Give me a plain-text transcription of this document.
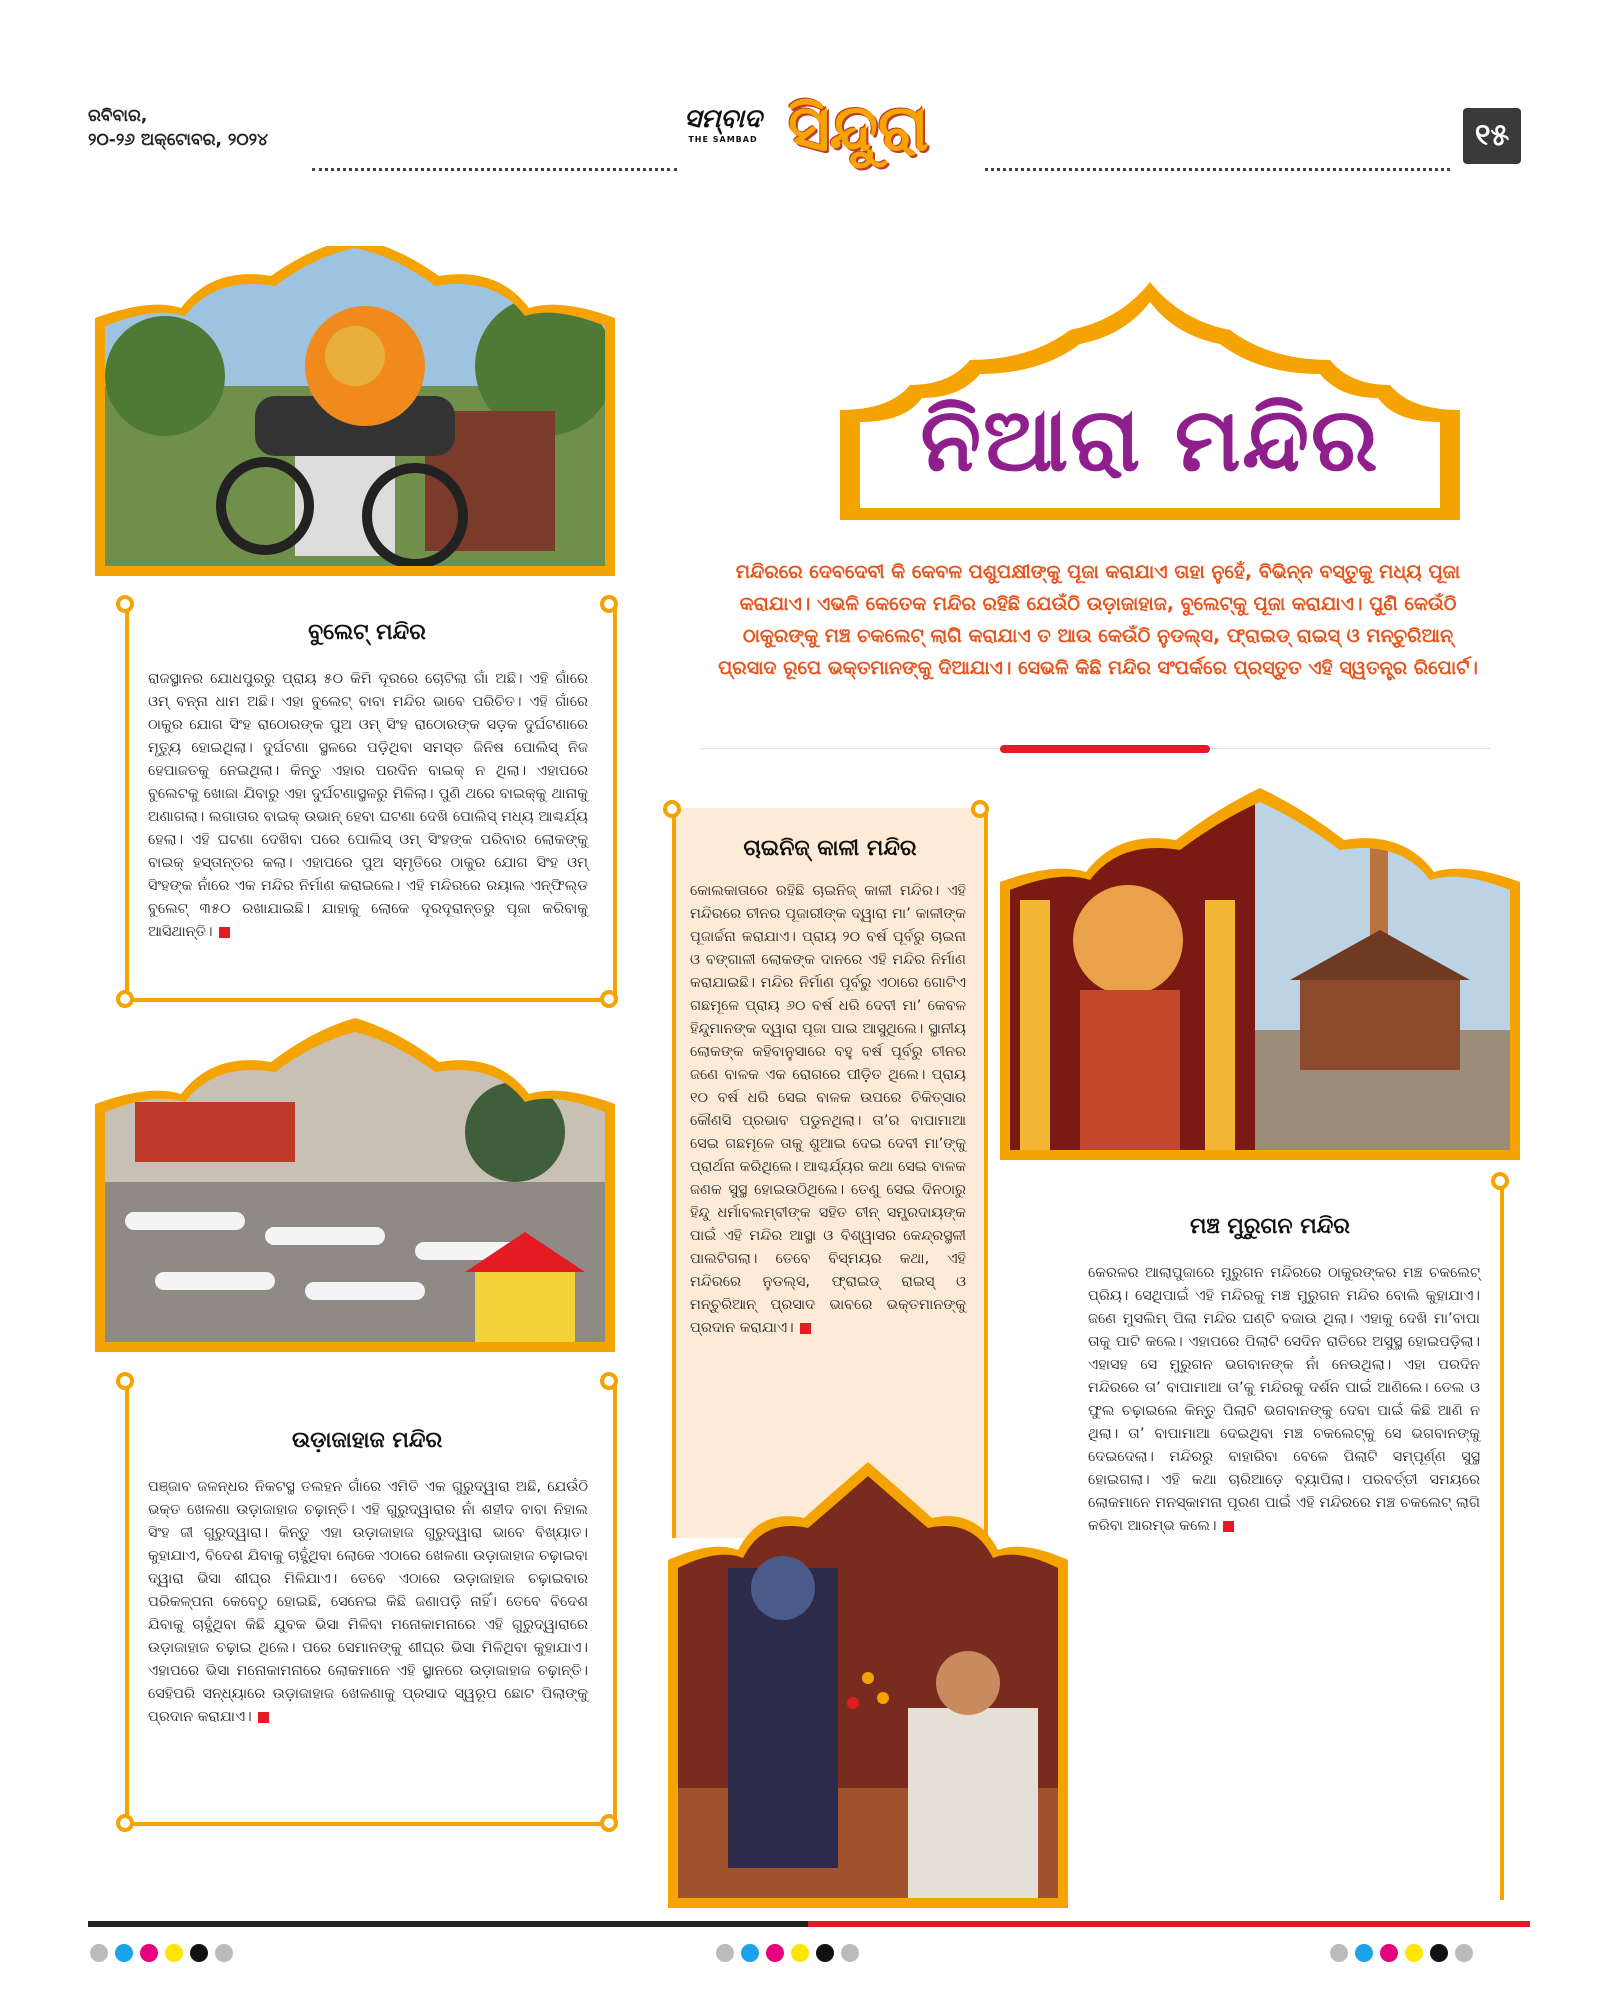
ରବିବାର,
୨୦-୨୬ ଅକ୍ଟୋବର, ୨୦୨୪
ସମ୍ବାଦ
THE SAMBAD ସିନ୍ଦୁରା	୧୫
ନିଆରା ମନ୍ଦିର
ମନ୍ଦିରରେ ଦେବଦେବୀ କି କେବଳ ପଶୁପକ୍ଷୀଙ୍କୁ ପୂଜା କରାଯାଏ ତାହା ନୁହେଁ, ବିଭିନ୍ନ ବସ୍ତୁକୁ ମଧ୍ୟ ପୂଜା କରାଯାଏ। ଏଭଳି କେତେକ ମନ୍ଦିର ରହିଛି ଯେଉଁଠି ଉଡ଼ାଜାହାଜ, ବୁଲେଟ୍‌କୁ ପୂଜା କରାଯାଏ। ପୁଣି କେଉଁଠି ଠାକୁରଙ୍କୁ ମଞ୍ଚ ଚକଲେଟ୍ ଲାଗି କରାଯାଏ ତ ଆଉ କେଉଁଠି ନୁଡଲ୍ସ, ଫ୍ରାଇଡ୍ ରାଇସ୍ ଓ ମନ୍‌ଚୁରିଆନ୍ ପ୍ରସାଦ ରୂପେ ଭକ୍ତମାନଙ୍କୁ ଦିଆଯାଏ। ସେଭଳି କିଛି ମନ୍ଦିର ସଂପର୍କରେ ପ୍ରସ୍ତୁତ ଏହି ସ୍ୱତନ୍ତ୍ର ରିପୋର୍ଟ।
ବୁଲେଟ୍ ମନ୍ଦିର
ରାଜସ୍ଥାନର ଯୋଧପୁରରୁ ପ୍ରାୟ ୫୦ କିମି ଦୂରରେ ଚୋଟିଲା ଗାଁ ଅଛି। ଏହି ଗାଁରେ ଓମ୍ ବନ୍ନା ଧାମ ଅଛି। ଏହା ବୁଲେଟ୍ ବାବା ମନ୍ଦିର ଭାବେ ପରିଚିତ। ଏହି ଗାଁରେ ଠାକୁର ଯୋଗ ସିଂହ ରାଠୋରଙ୍କ ପୁଅ ଓମ୍ ସିଂହ ରାଠୋରଙ୍କ ସଡ଼କ ଦୁର୍ଘଟଣାରେ ମୃତ୍ୟୁ ହୋଇଥିଲା। ଦୁର୍ଘଟଣା ସ୍ଥଳରେ ପଡ଼ିଥିବା ସମସ୍ତ ଜିନିଷ ପୋଲିସ୍ ନିଜ ହେପାଜତକୁ ନେଇଥିଲା। କିନ୍ତୁ ଏହାର ପରଦିନ ବାଇକ୍ ନ ଥିଲା। ଏହାପରେ ବୁଲେଟକୁ ଖୋଜା ଯିବାରୁ ଏହା ଦୁର୍ଘଟଣାସ୍ଥଳରୁ ମିଳିଲା। ପୁଣି ଥରେ ବାଇକ୍‌କୁ ଥାନାକୁ ଅଣାଗଲା। ଲଗାତାର ବାଇକ୍ ଉଭାନ୍ ହେବା ଘଟଣା ଦେଖି ପୋଲିସ୍ ମଧ୍ୟ ଆଶ୍ଚର୍ଯ୍ୟ ହେଲା। ଏହି ଘଟଣା ଦେଖିବା ପରେ ପୋଲିସ୍ ଓମ୍ ସିଂହଙ୍କ ପରିବାର ଲୋକଙ୍କୁ ବାଇକ୍ ହସ୍ତାନ୍ତର କଲା। ଏହାପରେ ପୁଅ ସ୍ମୃତିରେ ଠାକୁର ଯୋଗ ସିଂହ ଓମ୍ ସିଂହଙ୍କ ନାଁରେ ଏକ ମନ୍ଦିର ନିର୍ମାଣ କରାଇଲେ। ଏହି ମନ୍ଦିରରେ ରୟାଲ ଏନ୍‌ଫିଲ୍ଡ ବୁଲେଟ୍ ୩୫୦ ରଖାଯାଇଛି। ଯାହାକୁ ଲୋକେ ଦୂରଦୂରାନ୍ତରୁ ପୂଜା କରିବାକୁ ଆସିଥାନ୍ତି।
ଉଡ଼ାଜାହାଜ ମନ୍ଦିର
ପଞ୍ଜାବ ଜଳନ୍ଧର ନିକଟସ୍ଥ ତଲହନ ଗାଁରେ ଏମିତି ଏକ ଗୁରୁଦ୍ୱାରା ଅଛି, ଯେଉଁଠି ଭକ୍ତ ଖେଳଣା ଉଡ଼ାଜାହାଜ ଚଢ଼ାନ୍ତି। ଏହି ଗୁରୁଦ୍ୱାରାର ନାଁ ଶହୀଦ ବାବା ନିହାଲ ସିଂହ ଜୀ ଗୁରୁଦ୍ୱାରା। କିନ୍ତୁ ଏହା ଉଡ଼ାଜାହାଜ ଗୁରୁଦ୍ୱାରା ଭାବେ ବିଖ୍ୟାତ। କୁହାଯାଏ, ବିଦେଶ ଯିବାକୁ ଚାହୁଁଥିବା ଲୋକେ ଏଠାରେ ଖେଳଣା ଉଡ଼ାଜାହାଜ ଚଢ଼ାଇବା ଦ୍ୱାରା ଭିସା ଶୀଘ୍ର ମିଳିଯାଏ। ତେବେ ଏଠାରେ ଉଡ଼ାଜାହାଜ ଚଢ଼ାଇବାର ପରିକଳ୍ପନା କେବେଠୁ ହୋଇଛି, ସେନେଇ କିଛି ଜଣାପଡ଼ି ନାହିଁ। ତେବେ ବିଦେଶ ଯିବାକୁ ଚାହୁଁଥିବା କିଛି ଯୁବକ ଭିସା ମିଳିବା ମନୋକାମନାରେ ଏହି ଗୁରୁଦ୍ୱାରାରେ ଉଡ଼ାଜାହାଜ ଚଢ଼ାଇ ଥିଲେ। ପରେ ସେମାନଙ୍କୁ ଶୀଘ୍ର ଭିସା ମିଳିଥିବା କୁହାଯାଏ। ଏହାପରେ ଭିସା ମନୋକାମନାରେ ଲୋକମାନେ ଏହି ସ୍ଥାନରେ ଉଡ଼ାଜାହାଜ ଚଢ଼ାନ୍ତି। ସେହିପରି ସନ୍ଧ୍ୟାରେ ଉଡ଼ାଜାହାଜ ଖେଳଣାକୁ ପ୍ରସାଦ ସ୍ୱରୂପ ଛୋଟ ପିଲାଙ୍କୁ ପ୍ରଦାନ କରାଯାଏ।
ଚାଇନିଜ୍ କାଳୀ ମନ୍ଦିର
କୋଲକାତାରେ ରହିଛି ଚାଇନିଜ୍ କାଳୀ ମନ୍ଦିର। ଏହି ମନ୍ଦିରରେ ଚୀନର ପୂଜାରୀଙ୍କ ଦ୍ୱାରା ମା’ କାଳୀଙ୍କ ପୂଜାର୍ଚ୍ଚନା କରାଯାଏ। ପ୍ରାୟ ୨୦ ବର୍ଷ ପୂର୍ବରୁ ଚାଇନା ଓ ବଙ୍ଗାଳୀ ଲୋକଙ୍କ ଦାନରେ ଏହି ମନ୍ଦିର ନିର୍ମାଣ କରାଯାଇଛି। ମନ୍ଦିର ନିର୍ମାଣ ପୂର୍ବରୁ ଏଠାରେ ଗୋଟିଏ ଗଛମୂଳେ ପ୍ରାୟ ୬୦ ବର୍ଷ ଧରି ଦେବୀ ମା’ କେବଳ ହିନ୍ଦୁମାନଙ୍କ ଦ୍ୱାରା ପୂଜା ପାଇ ଆସୁଥିଲେ। ସ୍ଥାନୀୟ ଲୋକଙ୍କ କହିବାନୁସାରେ ବହୁ ବର୍ଷ ପୂର୍ବରୁ ଚୀନର ଜଣେ ବାଳକ ଏକ ରୋଗରେ ପୀଡ଼ିତ ଥିଲେ। ପ୍ରାୟ ୧୦ ବର୍ଷ ଧରି ସେଇ ବାଳକ ଉପରେ ଚିକିତ୍ସାର କୌଣସି ପ୍ରଭାବ ପଡୁନଥିଲା। ତା’ର ବାପାମାଆ ସେଇ ଗଛମୂଳେ ତାକୁ ଶୁଆଇ ଦେଇ ଦେବୀ ମା’ଙ୍କୁ ପ୍ରାର୍ଥନା କରିଥିଲେ। ଆଶ୍ଚର୍ଯ୍ୟର କଥା ସେଇ ବାଳକ ଜଣକ ସୁସ୍ଥ ହୋଇଉଠିଥିଲେ। ତେଣୁ ସେଇ ଦିନଠାରୁ ହିନ୍ଦୁ ଧର୍ମାବଲମ୍ବୀଙ୍କ ସହିତ ଚୀନ୍ ସମ୍ପ୍ରଦାୟଙ୍କ ପାଇଁ ଏହି ମନ୍ଦିର ଆସ୍ଥା ଓ ବିଶ୍ୱାସର କେନ୍ଦ୍ରସ୍ଥଳୀ ପାଲଟିଗଲା। ତେବେ ବିସ୍ମୟର କଥା, ଏହି ମନ୍ଦିରରେ ନୁଡଲ୍ସ, ଫ୍ରାଇଡ୍ ରାଇସ୍ ଓ ମନ୍‌ଚୁରିଆନ୍ ପ୍ରସାଦ ଭାବରେ ଭକ୍ତମାନଙ୍କୁ ପ୍ରଦାନ କରାଯାଏ।
ମଞ୍ଚ ମୁରୁଗନ ମନ୍ଦିର
କେରଳର ଆଲାପୁଜାରେ ମୁରୁଗନ ମନ୍ଦିରରେ ଠାକୁରଙ୍କର ମଞ୍ଚ ଚକଲେଟ୍ ପ୍ରିୟ। ସେଥିପାଇଁ ଏହି ମନ୍ଦିରକୁ ମଞ୍ଚ ମୁରୁଗନ ମନ୍ଦିର ବୋଲି କୁହାଯାଏ। ଜଣେ ମୁସଲିମ୍ ପିଲା ମନ୍ଦିର ଘଣ୍ଟି ବଜାଉ ଥିଲା। ଏହାକୁ ଦେଖି ମା’ବାପା ତାକୁ ପାଟି କଲେ। ଏହାପରେ ପିଲାଟି ସେଦିନ ରାତିରେ ଅସୁସ୍ଥ ହୋଇପଡ଼ିଲା। ଏହାସହ ସେ ମୁରୁଗନ ଭଗବାନଙ୍କ ନାଁ ନେଉଥିଲା। ଏହା ପରଦିନ ମନ୍ଦିରରେ ତା’ ବାପାମାଆ ତା’କୁ ମନ୍ଦିରକୁ ଦର୍ଶନ ପାଇଁ ଆଣିଲେ। ତେଲ ଓ ଫୁଲ ଚଢ଼ାଇଲେ କିନ୍ତୁ ପିଲାଟି ଭଗବାନଙ୍କୁ ଦେବା ପାଇଁ କିଛି ଆଣି ନ ଥିଲା। ତା’ ବାପାମାଆ ଦେଇଥିବା ମଞ୍ଚ ଚକଲେଟ୍‌କୁ ସେ ଭଗବାନଙ୍କୁ ଦେଇଦେଲା। ମନ୍ଦିରରୁ ବାହାରିବା ବେଳେ ପିଲାଟି ସମ୍ପୂର୍ଣ୍ଣ ସୁସ୍ଥ ହୋଇଗଲା। ଏହି କଥା ଚାରିଆଡ଼େ ବ୍ୟାପିଲା। ପରବର୍ତ୍ତୀ ସମୟରେ ଲୋକମାନେ ମନସ୍କାମନା ପୂରଣ ପାଇଁ ଏହି ମନ୍ଦିରରେ ମଞ୍ଚ ଚକଲେଟ୍ ଲାଗି କରିବା ଆରମ୍ଭ କଲେ।
